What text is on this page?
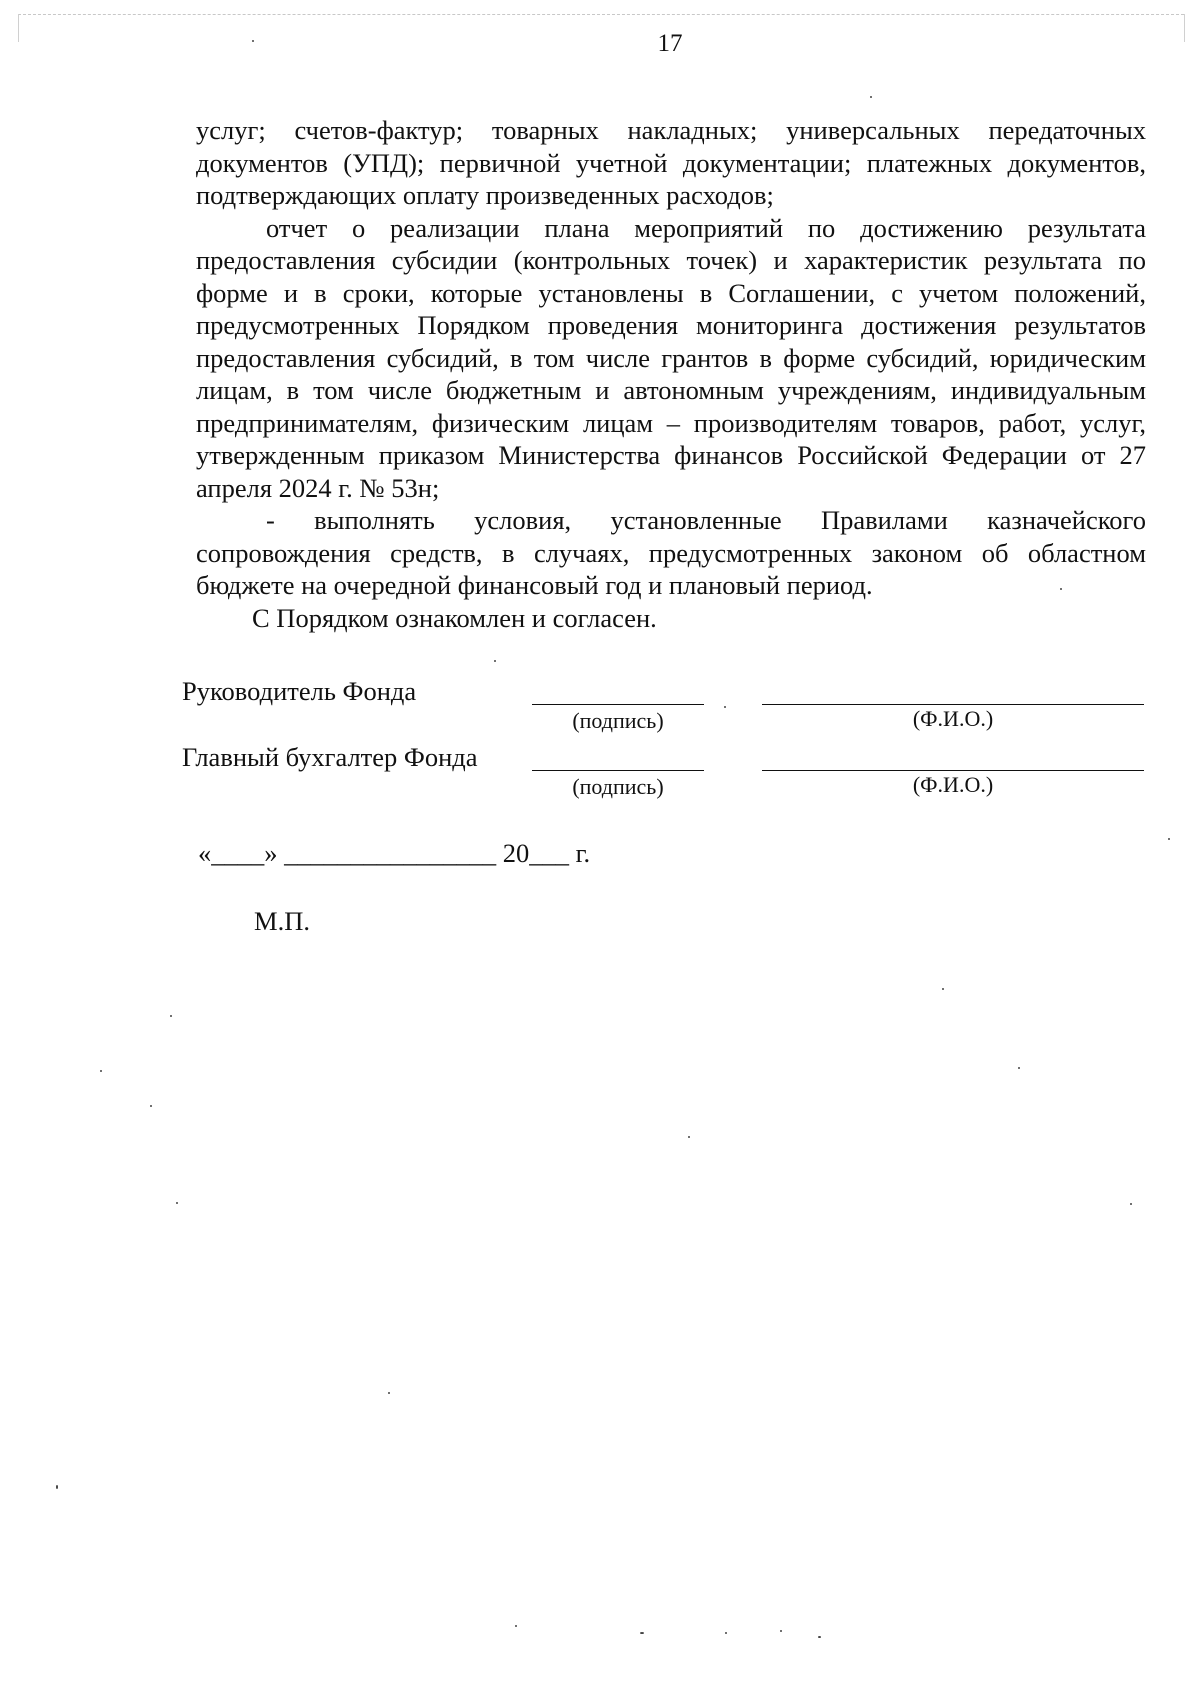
17

услуг; счетов-фактур; товарных накладных; универсальных передаточных документов (УПД); первичной учетной документации; платежных документов, подтверждающих оплату произведенных расходов;

отчет о реализации плана мероприятий по достижению результата предоставления субсидии (контрольных точек) и характеристик результата по форме и в сроки, которые установлены в Соглашении, с учетом положений, предусмотренных Порядком проведения мониторинга достижения результатов предоставления субсидий, в том числе грантов в форме субсидий, юридическим лицам, в том числе бюджетным и автономным учреждениям, индивидуальным предпринимателям, физическим лицам – производителям товаров, работ, услуг, утвержденным приказом Министерства финансов Российской Федерации от 27 апреля 2024 г. № 53н;

- выполнять условия, установленные Правилами казначейского сопровождения средств, в случаях, предусмотренных законом об областном бюджете на очередной финансовый год и плановый период.

С Порядком ознакомлен и согласен.

Руководитель Фонда
(подпись)	(Ф.И.О.)
Главный бухгалтер Фонда
(подпись)	(Ф.И.О.)
«____» ________________ 20___ г.
М.П.
